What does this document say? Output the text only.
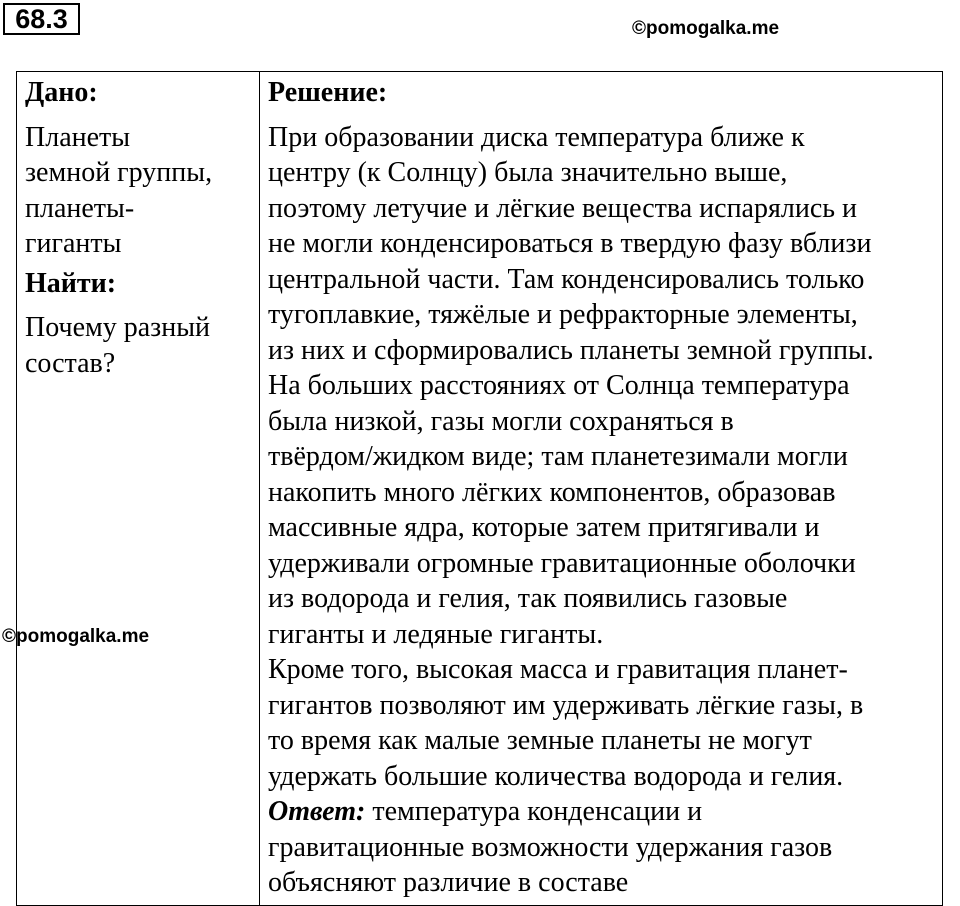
68.3	©pomogalka.me
©pomogalka.me
Дано:
Планеты
земной группы,
планеты-
гиганты
Найти:
Почему разный
состав?

Решение:
При образовании диска температура ближе к
центру (к Солнцу) была значительно выше,
поэтому летучие и лёгкие вещества испарялись и
не могли конденсироваться в твердую фазу вблизи
центральной части. Там конденсировались только
тугоплавкие, тяжёлые и рефракторные элементы,
из них и сформировались планеты земной группы.
На больших расстояниях от Солнца температура
была низкой, газы могли сохраняться в
твёрдом/жидком виде; там планетезимали могли
накопить много лёгких компонентов, образовав
массивные ядра, которые затем притягивали и
удерживали огромные гравитационные оболочки
из водорода и гелия, так появились газовые
гиганты и ледяные гиганты.
Кроме того, высокая масса и гравитация планет-
гигантов позволяют им удерживать лёгкие газы, в
то время как малые земные планеты не могут
удержать большие количества водорода и гелия.
Ответ: температура конденсации и
гравитационные возможности удержания газов
объясняют различие в составе
